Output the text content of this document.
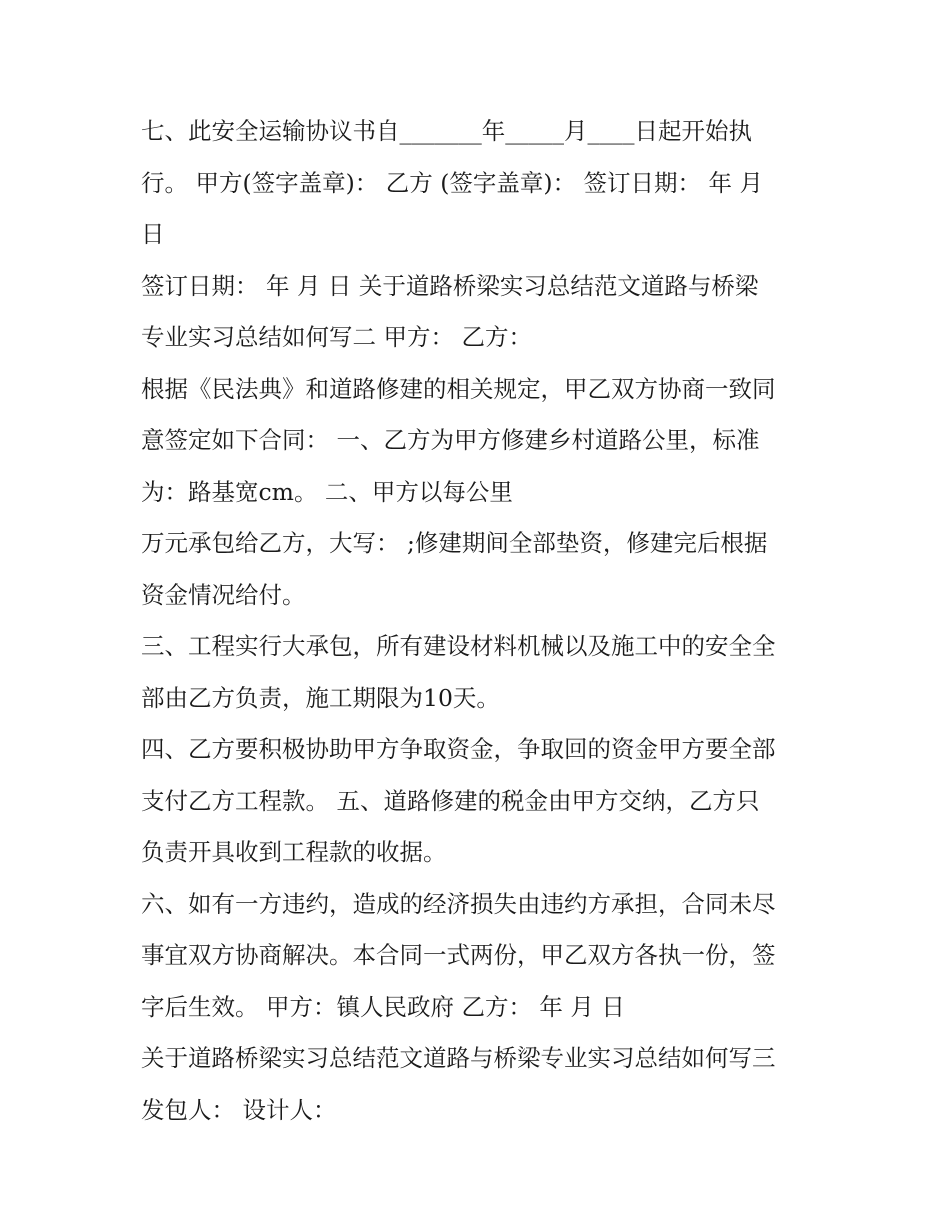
七、此安全运输协议书自_______年_____月____日起开始执
行。 甲方(签字盖章)： 乙方 (签字盖章)： 签订日期： 年 月
日
签订日期： 年 月 日 关于道路桥梁实习总结范文道路与桥梁
专业实习总结如何写二 甲方： 乙方：
根据《民法典》和道路修建的相关规定，甲乙双方协商一致同
意签定如下合同： 一、乙方为甲方修建乡村道路公里，标准
为：路基宽cm。 二、甲方以每公里
万元承包给乙方，大写： ;修建期间全部垫资，修建完后根据
资金情况给付。
三、工程实行大承包，所有建设材料机械以及施工中的安全全
部由乙方负责，施工期限为10天。
四、乙方要积极协助甲方争取资金，争取回的资金甲方要全部
支付乙方工程款。 五、道路修建的税金由甲方交纳，乙方只
负责开具收到工程款的收据。
六、如有一方违约，造成的经济损失由违约方承担，合同未尽
事宜双方协商解决。本合同一式两份，甲乙双方各执一份，签
字后生效。 甲方：镇人民政府 乙方： 年 月 日
关于道路桥梁实习总结范文道路与桥梁专业实习总结如何写三
发包人： 设计人：
